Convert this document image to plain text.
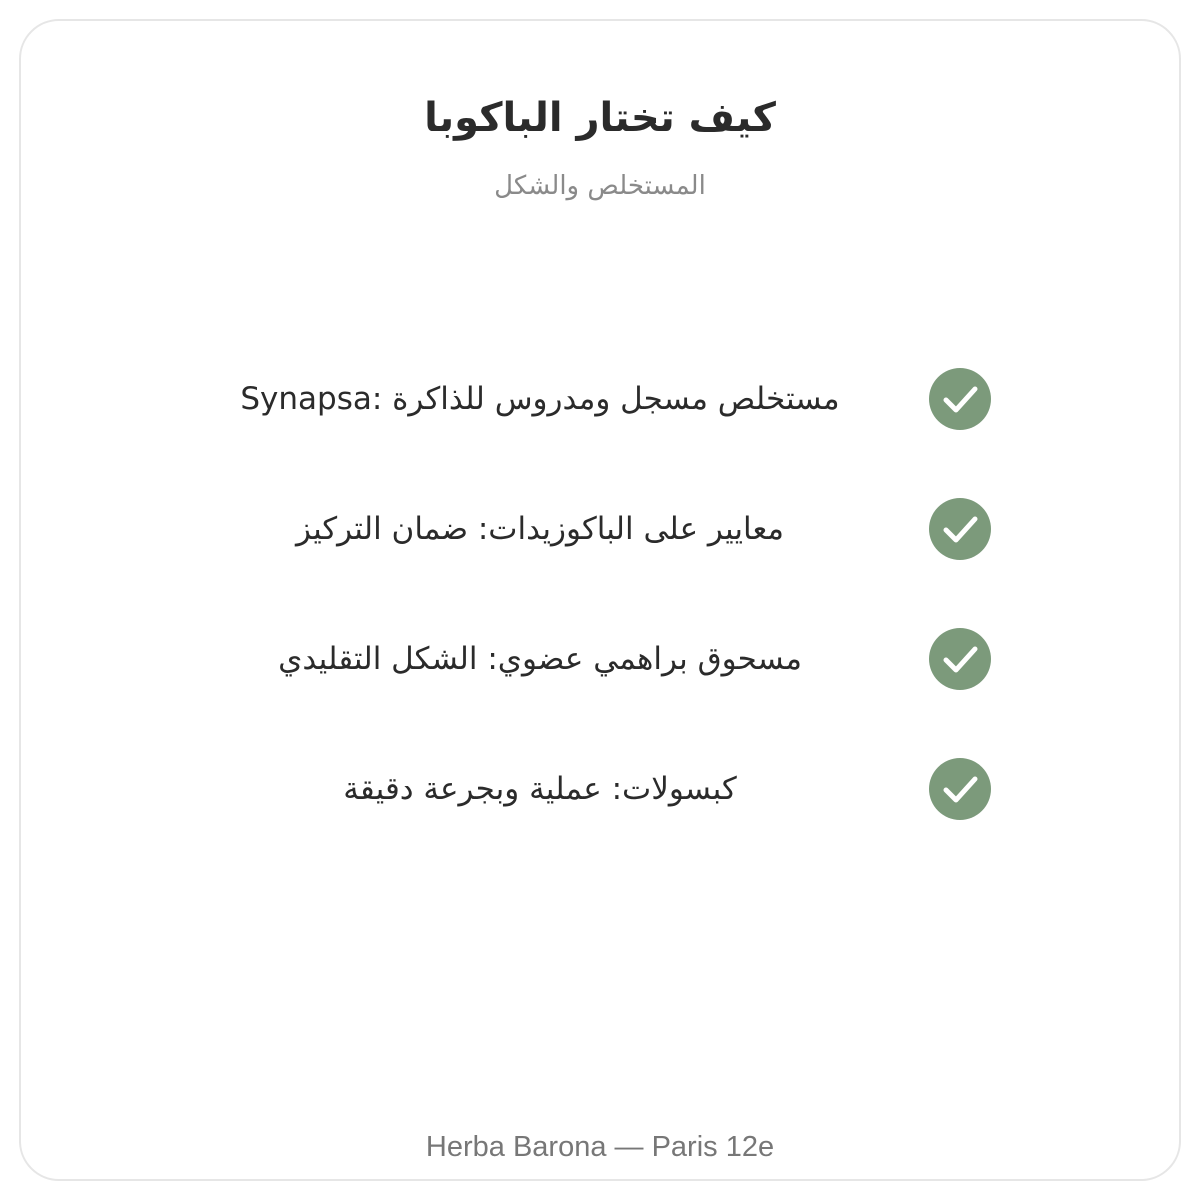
كيف تختار الباكوبا
المستخلص والشكل
مستخلص مسجل ومدروس للذاكرة :Synapsa
معايير على الباكوزيدات: ضمان التركيز
مسحوق براهمي عضوي: الشكل التقليدي
كبسولات: عملية وبجرعة دقيقة
Herba Barona — Paris 12e
